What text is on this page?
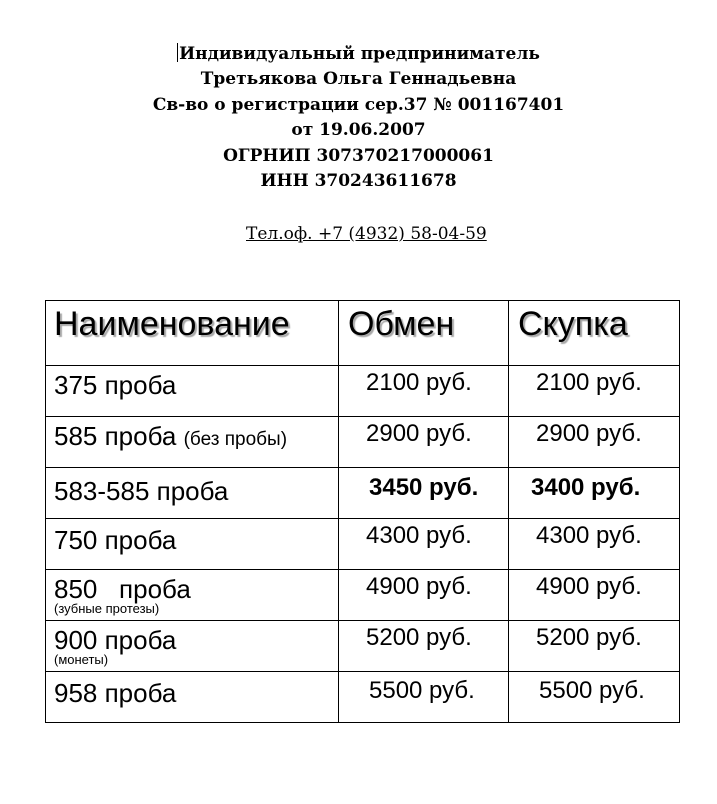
Индивидуальный предприниматель
Третьякова Ольга Геннадьевна
Св-во о регистрации сер.37 № 001167401
от 19.06.2007
ОГРНИП 307370217000061
ИНН 370243611678
Тел.оф. +7 (4932) 58-04-59
Наименование	Обмен	Скупка
375 проба	2100 руб.	2100 руб.
585 проба (без пробы)	2900 руб.	2900 руб.
583-585 проба	3450 руб.	3400 руб.
750 проба	4300 руб.	4300 руб.
850   проба
(зубные протезы)	4900 руб.	4900 руб.
900 проба
(монеты)	5200 руб.	5200 руб.
958 проба	5500 руб.	5500 руб.
